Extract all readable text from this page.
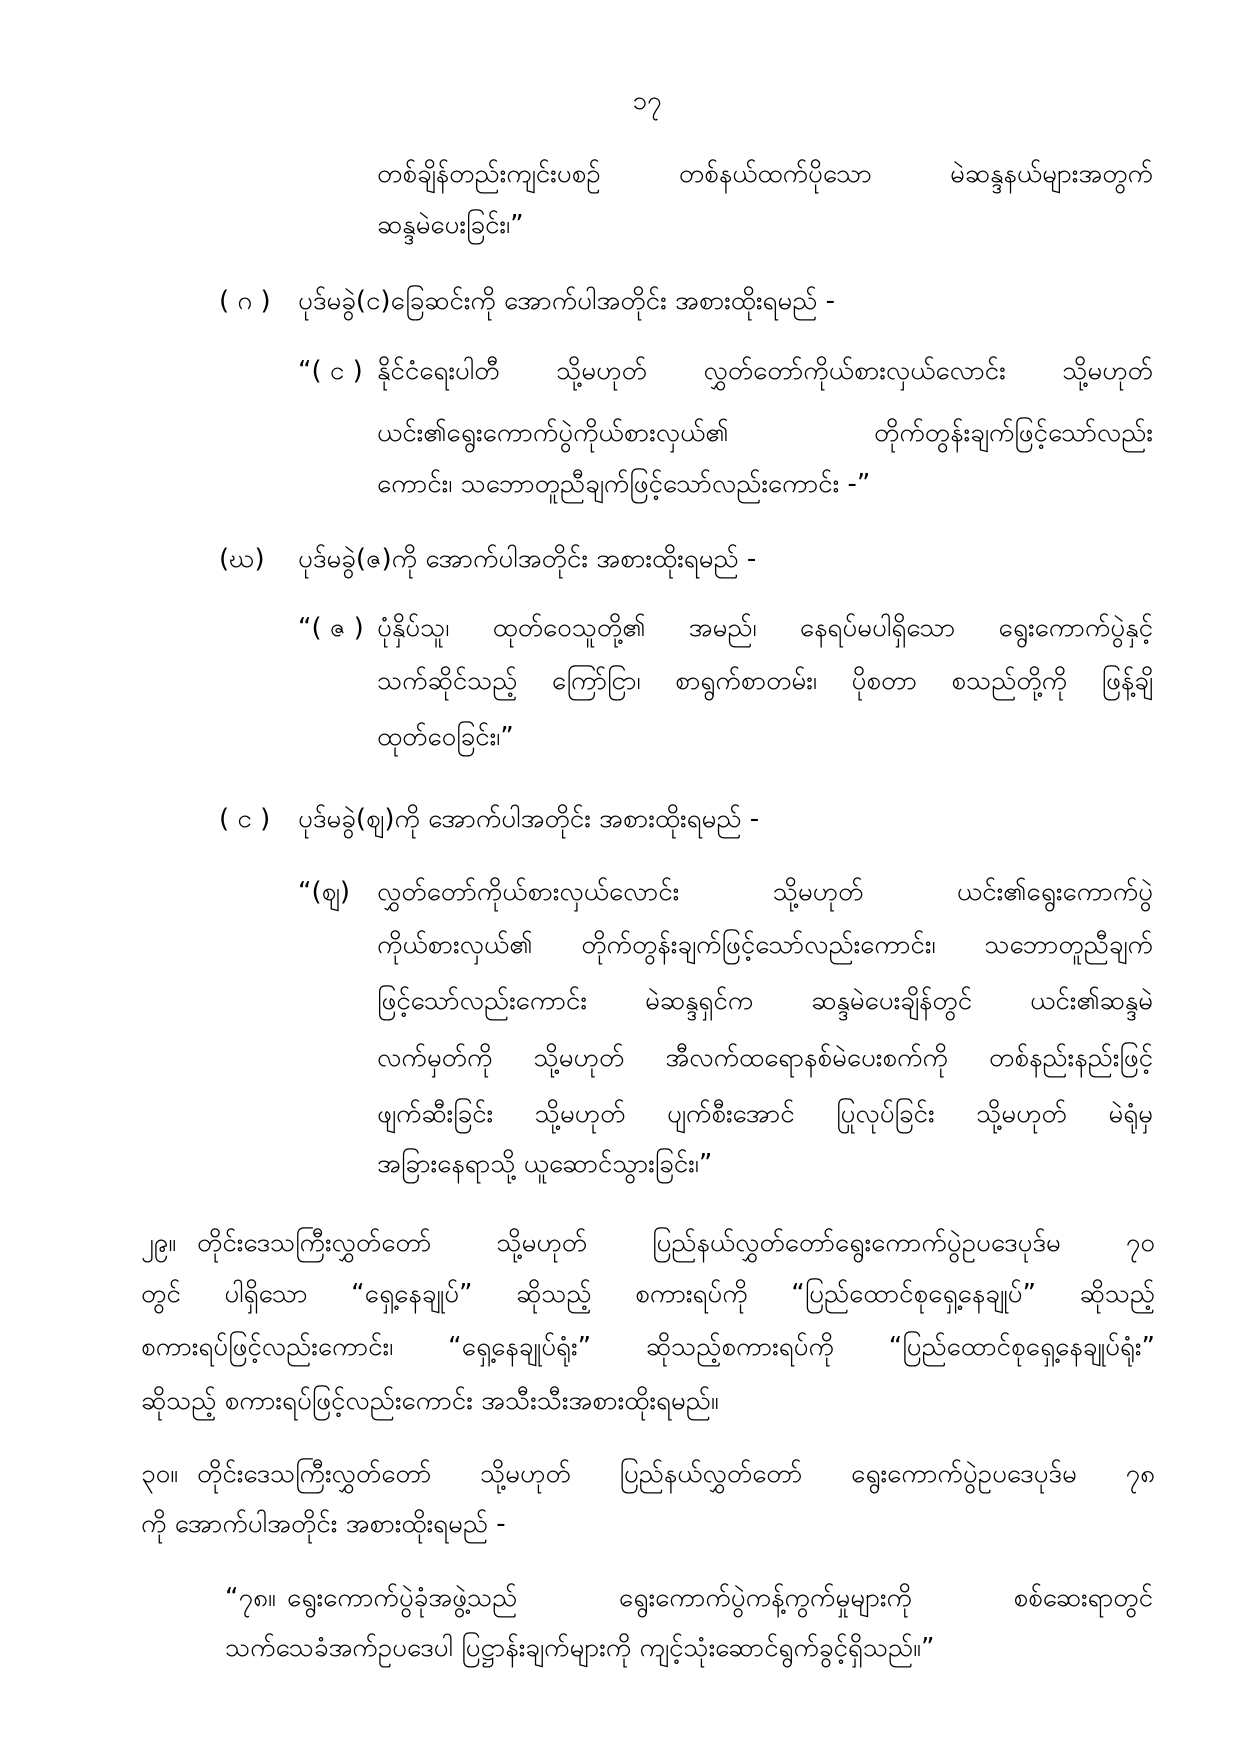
၁၇
တစ်ချိန်တည်းကျင်းပစဉ် တစ်နယ်ထက်ပိုသော မဲဆန္ဒနယ်များအတွက်
ဆန္ဒမဲပေးခြင်း၊”
( ဂ )	ပုဒ်မခွဲ(င)ခြေဆင်းကို အောက်ပါအတိုင်း အစားထိုးရမည် -
“( င ) နိုင်ငံရေးပါတီ သို့မဟုတ် လွှတ်တော်ကိုယ်စားလှယ်လောင်း သို့မဟုတ်
ယင်း၏ရွေးကောက်ပွဲကိုယ်စားလှယ်၏ တိုက်တွန်းချက်ဖြင့်သော်လည်း
ကောင်း၊ သဘောတူညီချက်ဖြင့်သော်လည်းကောင်း -”
(ဃ)	ပုဒ်မခွဲ(ဇ)ကို အောက်ပါအတိုင်း အစားထိုးရမည် -
“( ဇ ) ပုံနှိပ်သူ၊ ထုတ်ဝေသူတို့၏ အမည်၊ နေရပ်မပါရှိသော ရွေးကောက်ပွဲနှင့်
သက်ဆိုင်သည့် ကြော်ငြာ၊ စာရွက်စာတမ်း၊ ပိုစတာ စသည်တို့ကို ဖြန့်ချိ
ထုတ်ဝေခြင်း၊”
( င )	ပုဒ်မခွဲ(ဈ)ကို အောက်ပါအတိုင်း အစားထိုးရမည် -
“(ဈ)	လွှတ်တော်ကိုယ်စားလှယ်လောင်း သို့မဟုတ် ယင်း၏ရွေးကောက်ပွဲ
ကိုယ်စားလှယ်၏ တိုက်တွန်းချက်ဖြင့်သော်လည်းကောင်း၊ သဘောတူညီချက်
ဖြင့်သော်လည်းကောင်း မဲဆန္ဒရှင်က ဆန္ဒမဲပေးချိန်တွင် ယင်း၏ဆန္ဒမဲ
လက်မှတ်ကို သို့မဟုတ် အီလက်ထရောနစ်မဲပေးစက်ကို တစ်နည်းနည်းဖြင့်
ဖျက်ဆီးခြင်း သို့မဟုတ် ပျက်စီးအောင် ပြုလုပ်ခြင်း သို့မဟုတ် မဲရုံမှ
အခြားနေရာသို့ ယူဆောင်သွားခြင်း၊”
၂၉။ တိုင်းဒေသကြီးလွှတ်တော် သို့မဟုတ် ပြည်နယ်လွှတ်တော်ရွေးကောက်ပွဲဥပဒေပုဒ်မ ၇၀
တွင် ပါရှိသော “ရှေ့နေချုပ်” ဆိုသည့် စကားရပ်ကို “ပြည်ထောင်စုရှေ့နေချုပ်” ဆိုသည့်
စကားရပ်ဖြင့်လည်းကောင်း၊ “ရှေ့နေချုပ်ရုံး” ဆိုသည့်စကားရပ်ကို “ပြည်ထောင်စုရှေ့နေချုပ်ရုံး”
ဆိုသည့် စကားရပ်ဖြင့်လည်းကောင်း အသီးသီးအစားထိုးရမည်။
၃၀။ တိုင်းဒေသကြီးလွှတ်တော် သို့မဟုတ် ပြည်နယ်လွှတ်တော် ရွေးကောက်ပွဲဥပဒေပုဒ်မ ၇၈
ကို အောက်ပါအတိုင်း အစားထိုးရမည် -
“၇၈။ ရွေးကောက်ပွဲခုံအဖွဲ့သည် ရွေးကောက်ပွဲကန့်ကွက်မှုများကို စစ်ဆေးရာတွင်
သက်သေခံအက်ဥပဒေပါ ပြဋ္ဌာန်းချက်များကို ကျင့်သုံးဆောင်ရွက်ခွင့်ရှိသည်။”
